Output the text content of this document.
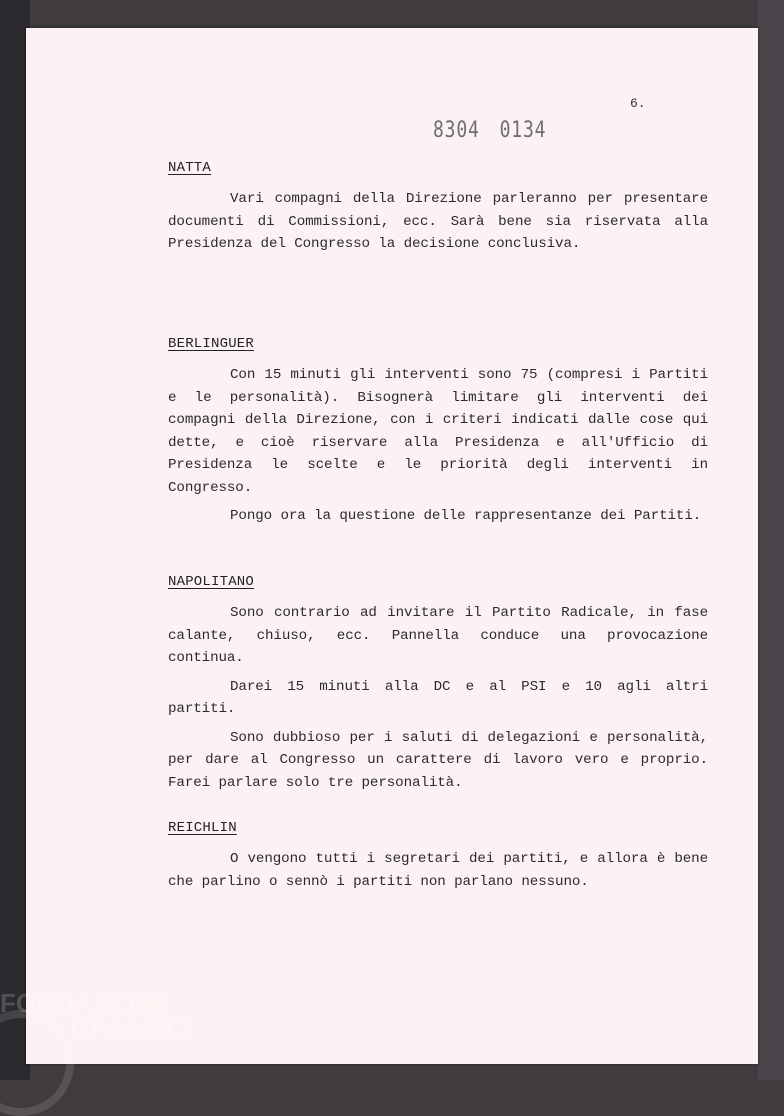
6.
8304 0134
NATTA

Vari compagni della Direzione parleranno per presentare documenti di Commissioni, ecc. Sarà bene sia riservata alla Presidenza del Congresso la decisione conclusiva.

BERLINGUER

Con 15 minuti gli interventi sono 75 (compresi i Partiti e le personalità). Bisognerà limitare gli interventi dei compagni della Direzione, con i criteri indicati dalle cose qui dette, e cioè riservare alla Presidenza e all'Ufficio di Presidenza le scelte e le priorità degli interventi in Congresso.

Pongo ora la questione delle rappresentanze dei Partiti.

NAPOLITANO

Sono contrario ad invitare il Partito Radicale, in fase calante, chiuso, ecc. Pannella conduce una provocazione continua.

Darei 15 minuti alla DC e al PSI e 10 agli altri partiti.

Sono dubbioso per i saluti di delegazioni e personalità, per dare al Congresso un carattere di lavoro vero e proprio. Farei parlare solo tre personalità.

REICHLIN

O vengono tutti i segretari dei partiti, e allora è bene che parlino o sennò i partiti non parlano nessuno.

FONDAZIONE
GRAMSCI
